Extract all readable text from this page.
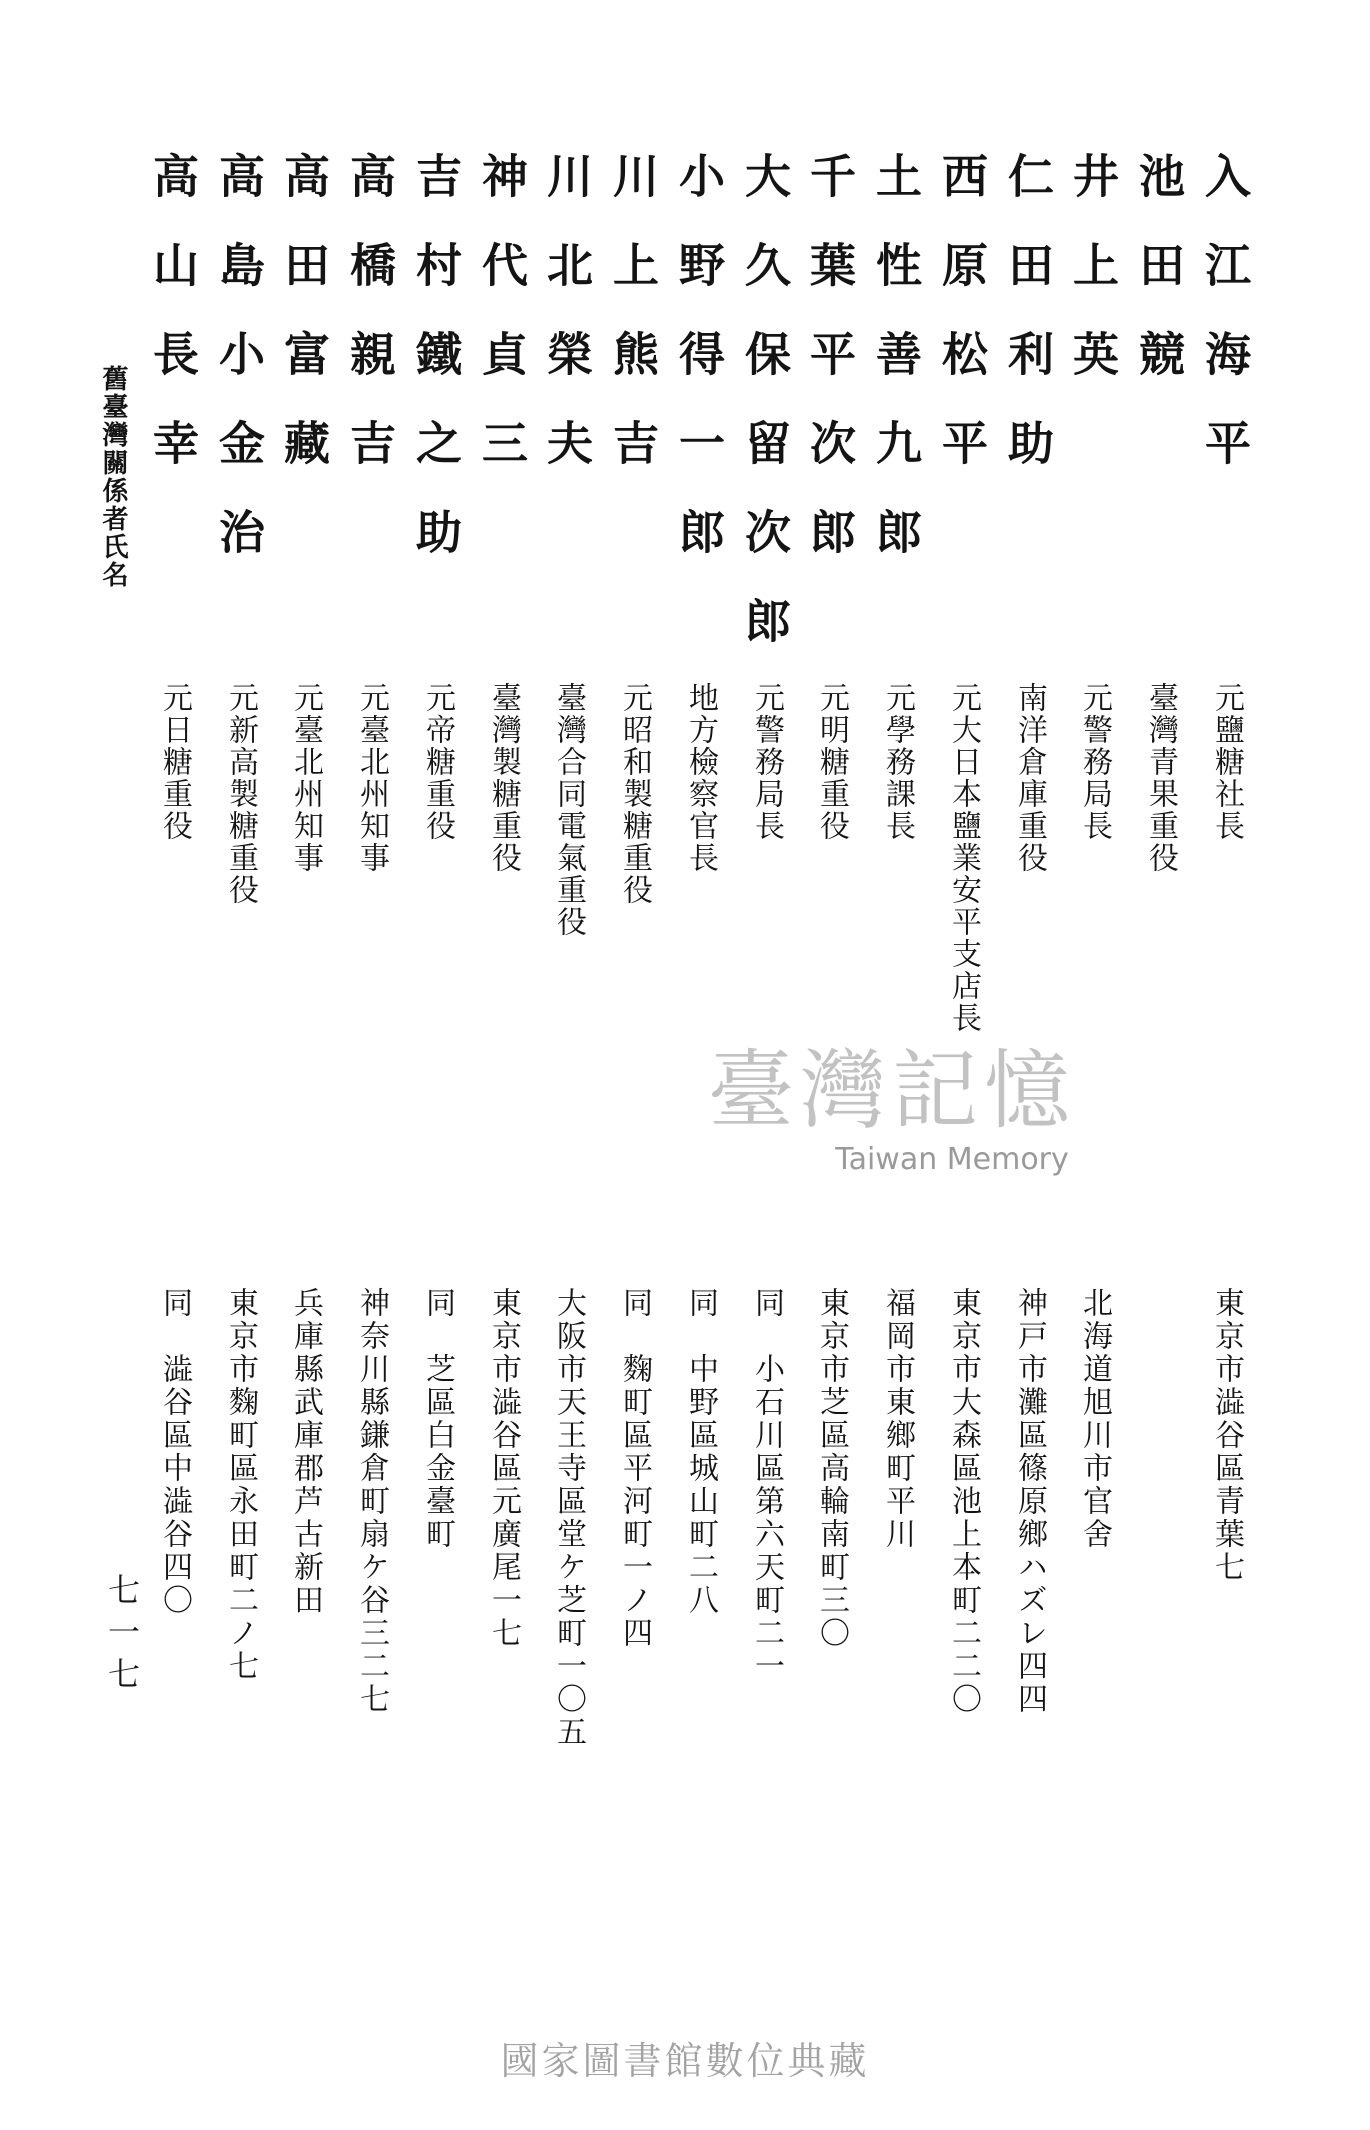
舊臺灣關係者氏名	入江海平
元鹽糖社長
東京市澁谷區青葉七
池田競
臺灣青果重役
井上英
元警務局長
北海道旭川市官舍
仁田利助
南洋倉庫重役
神戸市灘區篠原鄉ハズレ四四
西原松平
元大日本鹽業安平支店長
東京市大森區池上本町二二〇
土性善九郎
元學務課長
福岡市東鄉町平川
千葉平次郎
元明糖重役
東京市芝區高輪南町三〇
大久保留次郎
元警務局長
同　小石川區第六天町二一
小野得一郎
地方檢察官長
同　中野區城山町二八
川上熊吉
元昭和製糖重役
同　麴町區平河町一ノ四
川北榮夫
臺灣合同電氣重役
大阪市天王寺區堂ケ芝町一〇五
神代貞三
臺灣製糖重役
東京市澁谷區元廣尾一七
吉村鐵之助
元帝糖重役
同　芝區白金臺町
高橋親吉
元臺北州知事
神奈川縣鎌倉町扇ケ谷三二七
高田富藏
元臺北州知事
兵庫縣武庫郡芦古新田
高島小金治
元新高製糖重役
東京市麴町區永田町二ノ七
高山長幸
元日糖重役
同　澁谷區中澁谷四〇
七一七
臺灣記憶
Taiwan Memory
國家圖書館數位典藏
